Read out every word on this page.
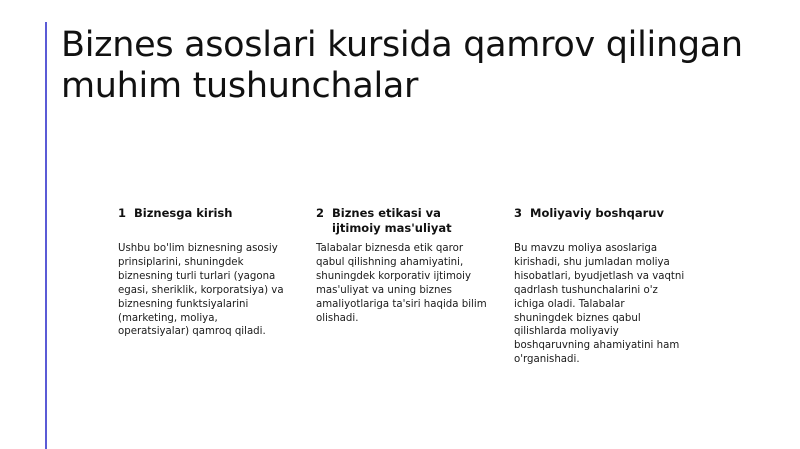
Biznes asoslari kursida qamrov qilingan muhim tushunchalar
1 Biznesga kirish

Ushbu bo'lim biznesning asosiy prinsiplarini, shuningdek biznesning turli turlari (yagona egasi, sheriklik, korporatsiya) va biznesning funktsiyalarini (marketing, moliya, operatsiyalar) qamroq qiladi.

2 Biznes etikasi va ijtimoiy mas'uliyat

Talabalar biznesda etik qaror qabul qilishning ahamiyatini, shuningdek korporativ ijtimoiy mas'uliyat va uning biznes amaliyotlariga ta'siri haqida bilim olishadi.

3 Moliyaviy boshqaruv

Bu mavzu moliya asoslariga kirishadi, shu jumladan moliya hisobatlari, byudjetlash va vaqtni qadrlash tushunchalarini o'z ichiga oladi. Talabalar shuningdek biznes qabul qilishlarda moliyaviy boshqaruvning ahamiyatini ham o'rganishadi.
